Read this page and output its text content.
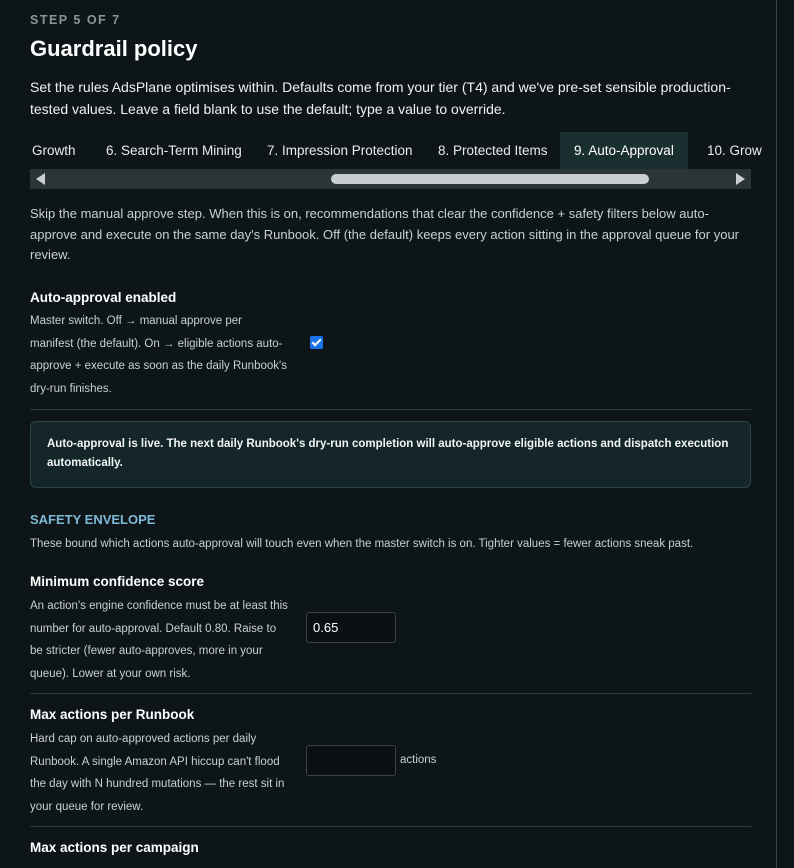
STEP 5 OF 7
Guardrail policy
Set the rules AdsPlane optimises within. Defaults come from your tier (T4) and we've pre-set sensible production-tested values. Leave a field blank to use the default; type a value to override.
Growth 6. Search-Term Mining 7. Impression Protection 8. Protected Items	9. Auto-Approval	10. Grow
Skip the manual approve step. When this is on, recommendations that clear the confidence + safety filters below auto-approve and execute on the same day's Runbook. Off (the default) keeps every action sitting in the approval queue for your review.
Auto-approval enabled
Master switch. Off → manual approve per manifest (the default). On → eligible actions auto-approve + execute as soon as the daily Runbook's dry-run finishes.
Auto-approval is live. The next daily Runbook's dry-run completion will auto-approve eligible actions and dispatch execution automatically.
SAFETY ENVELOPE
These bound which actions auto-approval will touch even when the master switch is on. Tighter values = fewer actions sneak past.
Minimum confidence score
An action's engine confidence must be at least this number for auto-approval. Default 0.80. Raise to be stricter (fewer auto-approves, more in your queue). Lower at your own risk.
0.65
Max actions per Runbook
Hard cap on auto-approved actions per daily Runbook. A single Amazon API hiccup can't flood the day with N hundred mutations — the rest sit in your queue for review.
actions
Max actions per campaign
